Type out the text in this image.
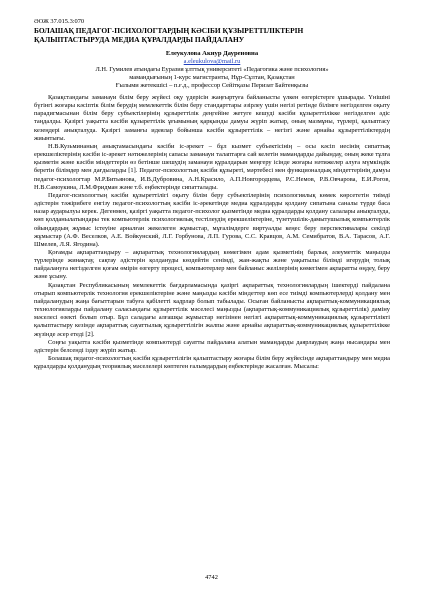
ӘОЖ 37.015.3:070

БОЛАШАҚ ПЕДАГОГ-ПСИХОЛОГТАРДЫҢ КӘСІБИ ҚҰЗЫРЕТТІЛІКТЕРІН

ҚАЛЫПТАСТЫРУДА МЕДИА ҚҰРАЛДАРДЫ ПАЙДАЛАНУ

Елеукулова Акнур Дауреновна

a.eleukulova@mail.ru

Л.Н. Гумилев атындағы Еуразия ұлттық университеті «Педагогика және психология»

мамандығының 1-курс магистранты, Нұр-Сұлтан, Қазақстан

Ғылыми жетекшісі – п.ғ.д., профессор Сейітқазы Перизат Байтенқызы

Қазақстандағы заманауи білім беру жүйесі оқу үдерісін жаңғыртуға байланысты үлкен өзгерістерге ұшырады. Үнішіні бүгінгі жоғары кәсіптік білім берудің мемлекеттік білім беру стандарттары әзірлеу үшін негізі ретінде білімге негізделген оқыту парадигмасынан білім беру субъектілерінің құзыреттілік деңгейіне жетуге кешуді кәсіби құзыреттілікке негізделген әдіс таңдалды. Қазіргі уақытта кәсіби құзыреттілік ұғымының қарқынды дамуы жүріп жатыр, оның мазмұны, түрлері, қалыптасу кезеңдері анықталуда. Қазіргі заманғы идеялар бойынша кәсіби құзыреттілік – негізгі және арнайы құзыреттіліктердің жиынтығы.

Н.В.Кузьминаның анықтамасындағы кәсіби іс-әрекет – бұл кызмет субъектісінің – осы кәсіп иесінің сипаттық ерекшеліктерінің кәсіби іс-әрекет нәтижелерінің сапасы заманауи талаптарға сай келетін мамандарды дайындау, оның жеке тұлға қызметін және кәсіби міндеттерін өз бетінше шешудің заманауи құралдарын меңгеру ісінде жоғары нәтижелер алуға мүмкіндік беретін білімдер мен дағдыларды [1]. Педагог-психологтың кәсіби құзыреті, мәртебесі мен функционалдық міндеттерінің дамуы педагог-психологтар М.Р.Битьянова, И.В.Дубровина, А.Н.Красило, А.П.Новгородцева, Р.С.Немов, Р.В.Овчарова, Е.И.Рогов, Н.В.Самоукина, Л.М.Фридман және т.б. еңбектерінде сипатталады.

Педагог-психологтың кәсіби құзыреттілігі оқыту білім беру субъектілерінің психологиялық көмек көрсететін тиімді әдістерін тәжірибеге енгізу педагог-психологтың кәсіби іс-әрекетінде медиа құралдарды қолдану сипатына саналы түрде баса назар аударылуы керек. Дегенмен, қазіргі уақытта педагог-психолог қызметінде медиа құралдарды қолдану салалары анықталуда, көп қолданылатындары тек компьютерлік психологиялық тестілеудің ерекшеліктеріне, түзетушілік-дамытушылық компьютерлік ойындардың жұмыс істеуіне арналған жекелеген жұмыстар, мұғалімдерге виртуалды кеңес беру перспективалары секілді жұмыстар (А.Ф. Веселков, А.Е. Войкунский, Л.Г. Горбунова, Л.П. Гурова, С.С. Кравцов, А.М. Семибратов, В.А. Тарасов, А.Г. Шмелев, Л.Я. Ягодина).

Қоғамды ақпараттандыру – ақпараттық технологиялардың көмегімен адам қызметінің барлық әлеуметтік маңызды түрлерінде жинақтау, сақтау әдістерін қолдануды көздейтін сенімді, жан-жақты және уақытылы білімді игерудің толық пайдалануға негізделген қоғам өмірін өзгерту процесі, компьютерлер мен байланыс желілерінің көмегімен ақпаратты өңдеу, беру және ұсыну.

Қазақстан Республикасының мемлекеттік бағдарламасында қазіргі ақпараттық технологиялардың ішектерді пайдалана отырып компьютерлік технология ерекшеліктеріне және маңызды кәсіби міндеттер көп есе тиімді компьютерлерді қолдану мен пайдаланудың жаңа бағыттарын табуға қабілетті кадрлар болып табылады. Осыған байланысты ақпараттық-коммуникациялық технологияларды пайдалану саласындағы құзыреттілік мәселесі маңызды (ақпараттық-коммуникациялық құзыреттілік) даміну мәселесі өзекті болып отыр. Бұл саладағы алғашқы жұмыстар негізінен негізгі ақпараттық-коммуникациялық құзыреттілікті қалыптастыру кезінде ақпараттық сауаттылық құзыреттілігін жалпы және арнайы ақпараттық-коммуникациялық құзыреттілікке жүзінде әсер етеді [2].

Соңғы уақытта кәсіби қызметінде компьютерді сауатты пайдалана алатын мамандарды даярлаудың жаңа нысандары мен әдістерін белсенді іздеу жүріп жатыр.

Болашақ педагог-психологтың кәсіби құзыреттілігін қалыптастыру жоғары білім беру жүйесінде ақпараттандыру мен медиа құралдарды қолданудың теориялық мәселелері көптеген ғалымдардың еңбектерінде жасалған. Мысалы:

4742
